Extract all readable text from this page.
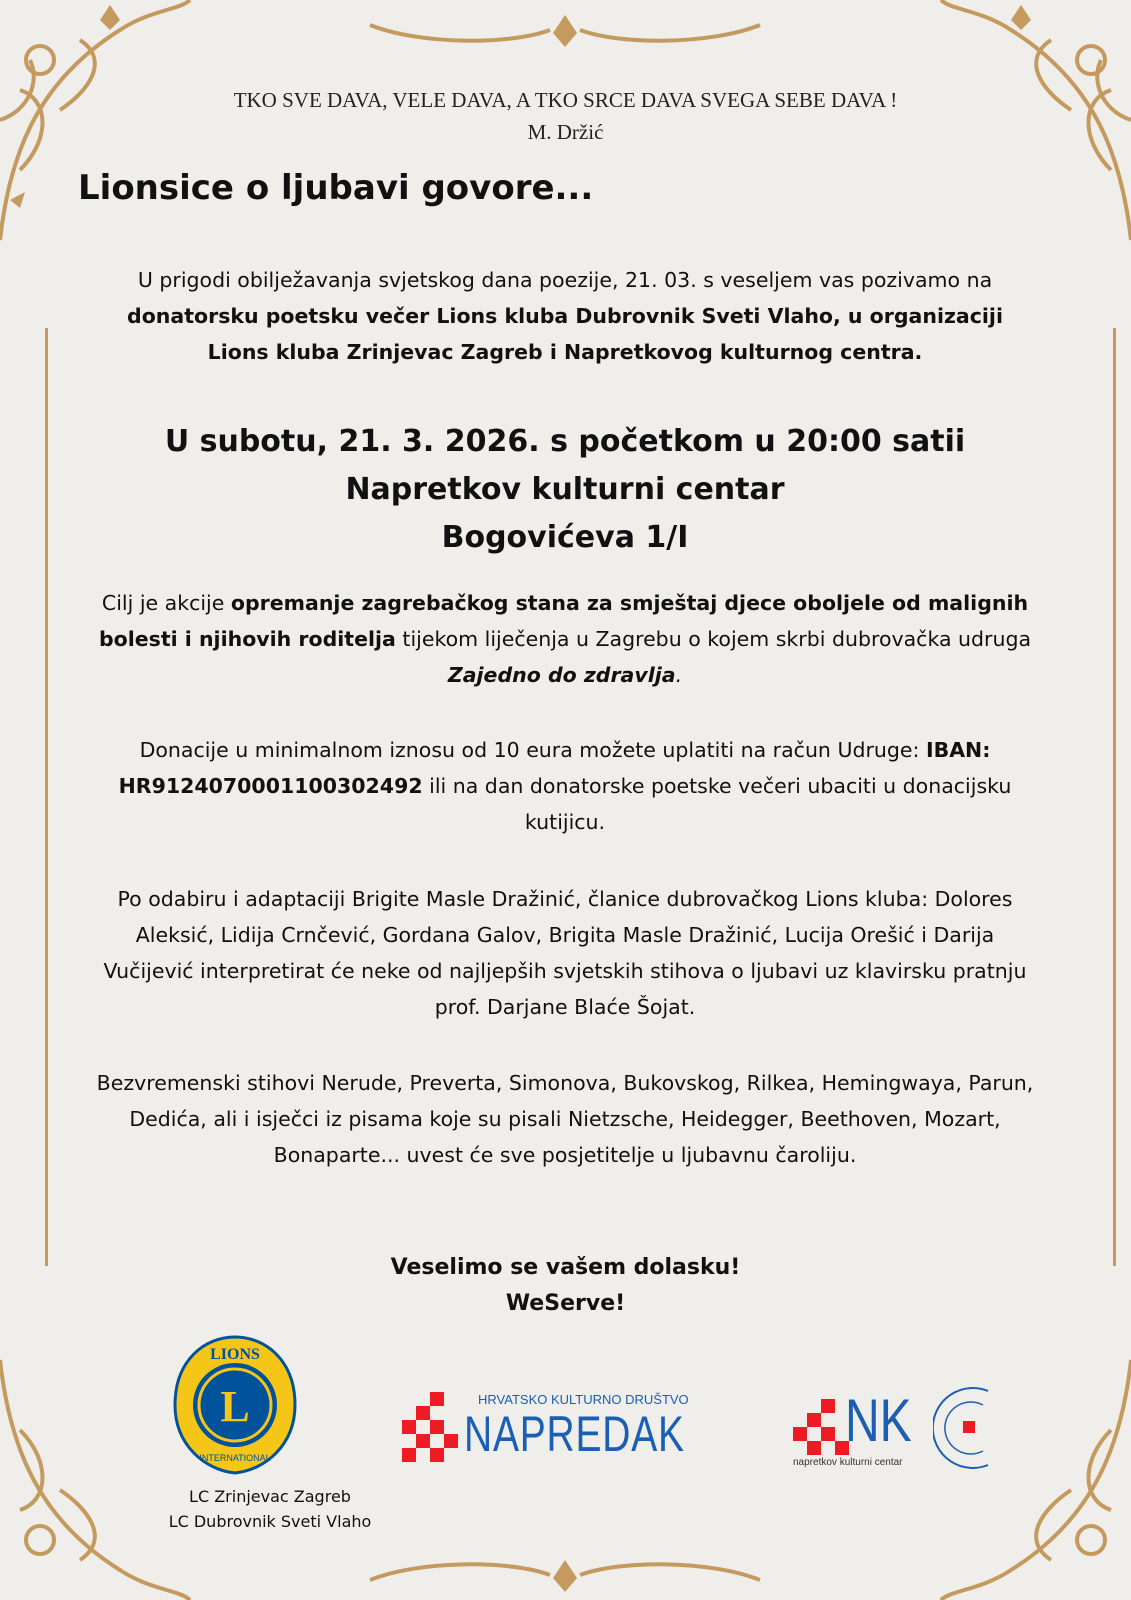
TKO SVE DAVA, VELE DAVA, A TKO SRCE DAVA SVEGA SEBE DAVA !
M. Držić
Lionsice o ljubavi govore...
U prigodi obilježavanja svjetskog dana poezije, 21. 03. s veseljem vas pozivamo na donatorsku poetsku večer Lions kluba Dubrovnik Sveti Vlaho, u organizaciji Lions kluba Zrinjevac Zagreb i Napretkovog kulturnog centra.
U subotu, 21. 3. 2026. s početkom u 20:00 satii
Napretkov kulturni centar
Bogovićeva 1/I
Cilj je akcije opremanje zagrebačkog stana za smještaj djece oboljele od malignih bolesti i njihovih roditelja tijekom liječenja u Zagrebu o kojem skrbi dubrovačka udruga Zajedno do zdravlja.
Donacije u minimalnom iznosu od 10 eura možete uplatiti na račun Udruge: IBAN: HR9124070001100302492 ili na dan donatorske poetske večeri ubaciti u donacijsku kutijicu.
Po odabiru i adaptaciji Brigite Masle Dražinić, članice dubrovačkog Lions kluba: Dolores Aleksić, Lidija Crnčević, Gordana Galov, Brigita Masle Dražinić, Lucija Orešić i Darija Vučijević interpretirat će neke od najljepših svjetskih stihova o ljubavi uz klavirsku pratnju prof. Darjane Blaće Šojat.
Bezvremenski stihovi Nerude, Preverta, Simonova, Bukovskog, Rilkea, Hemingwaya, Parun, Dedića, ali i isječci iz pisama koje su pisali Nietzsche, Heidegger, Beethoven, Mozart, Bonaparte... uvest će sve posjetitelje u ljubavnu čaroliju.
Veselimo se vašem dolasku!
WeServe!
L
LIONS
INTERNATIONAL
HRVATSKO KULTURNO DRUŠTVO
NAPREDAK	NK
napretkov kulturni centar
LC Zrinjevac Zagreb
LC Dubrovnik Sveti Vlaho
